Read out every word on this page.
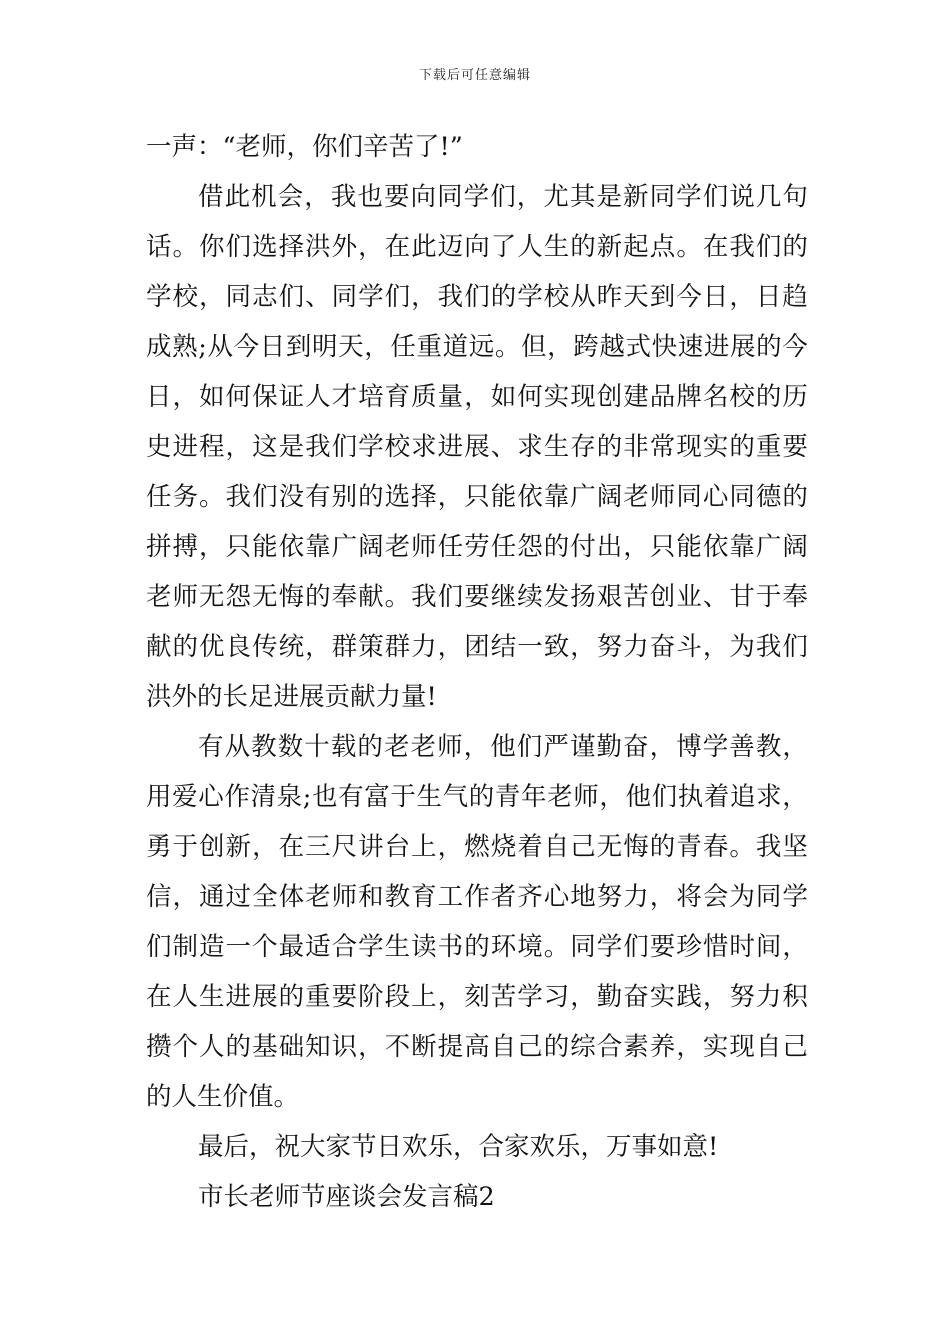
下载后可任意编辑
一声：“老师，你们辛苦了!”
借 此 机 会 ， 我 也 要 向 同 学 们 ， 尤 其 是 新 同 学 们 说 几 句
话 。 你 们 选 择 洪 外 ， 在 此 迈 向 了 人 生 的 新 起 点 。 在 我 们 的
学 校 ， 同 志 们 、 同 学 们 ， 我 们 的 学 校 从 昨 天 到 今 日 ， 日 趋
成 熟 ; 从 今 日 到 明 天 ， 任 重 道 远 。 但 ， 跨 越 式 快 速 进 展 的 今
日 ， 如 何 保 证 人 才 培 育 质 量 ， 如 何 实 现 创 建 品 牌 名 校 的 历
史 进 程 ， 这 是 我 们 学 校 求 进 展 、 求 生 存 的 非 常 现 实 的 重 要
任 务 。 我 们 没 有 别 的 选 择 ， 只 能 依 靠 广 阔 老 师 同 心 同 德 的
拼 搏 ， 只 能 依 靠 广 阔 老 师 任 劳 任 怨 的 付 出 ， 只 能 依 靠 广 阔
老 师 无 怨 无 悔 的 奉 献 。 我 们 要 继 续 发 扬 艰 苦 创 业 、 甘 于 奉
献 的 优 良 传 统 ， 群 策 群 力 ， 团 结 一 致 ， 努 力 奋 斗 ， 为 我 们
洪外的长足进展贡献力量!
有 从 教 数 十 载 的 老 老 师 ， 他 们 严 谨 勤 奋 ， 博 学 善 教 ，
用 爱 心 作 清 泉 ; 也 有 富 于 生 气 的 青 年 老 师 ， 他 们 执 着 追 求 ，
勇 于 创 新 ， 在 三 尺 讲 台 上 ， 燃 烧 着 自 己 无 悔 的 青 春 。 我 坚
信 ， 通 过 全 体 老 师 和 教 育 工 作 者 齐 心 地 努 力 ， 将 会 为 同 学
们 制 造 一 个 最 适 合 学 生 读 书 的 环 境 。 同 学 们 要 珍 惜 时 间 ，
在 人 生 进 展 的 重 要 阶 段 上 ， 刻 苦 学 习 ， 勤 奋 实 践 ， 努 力 积
攒 个 人 的 基 础 知 识 ， 不 断 提 高 自 己 的 综 合 素 养 ， 实 现 自 己
的人生价值。
最后，祝大家节日欢乐，合家欢乐，万事如意!
市长老师节座谈会发言稿2
